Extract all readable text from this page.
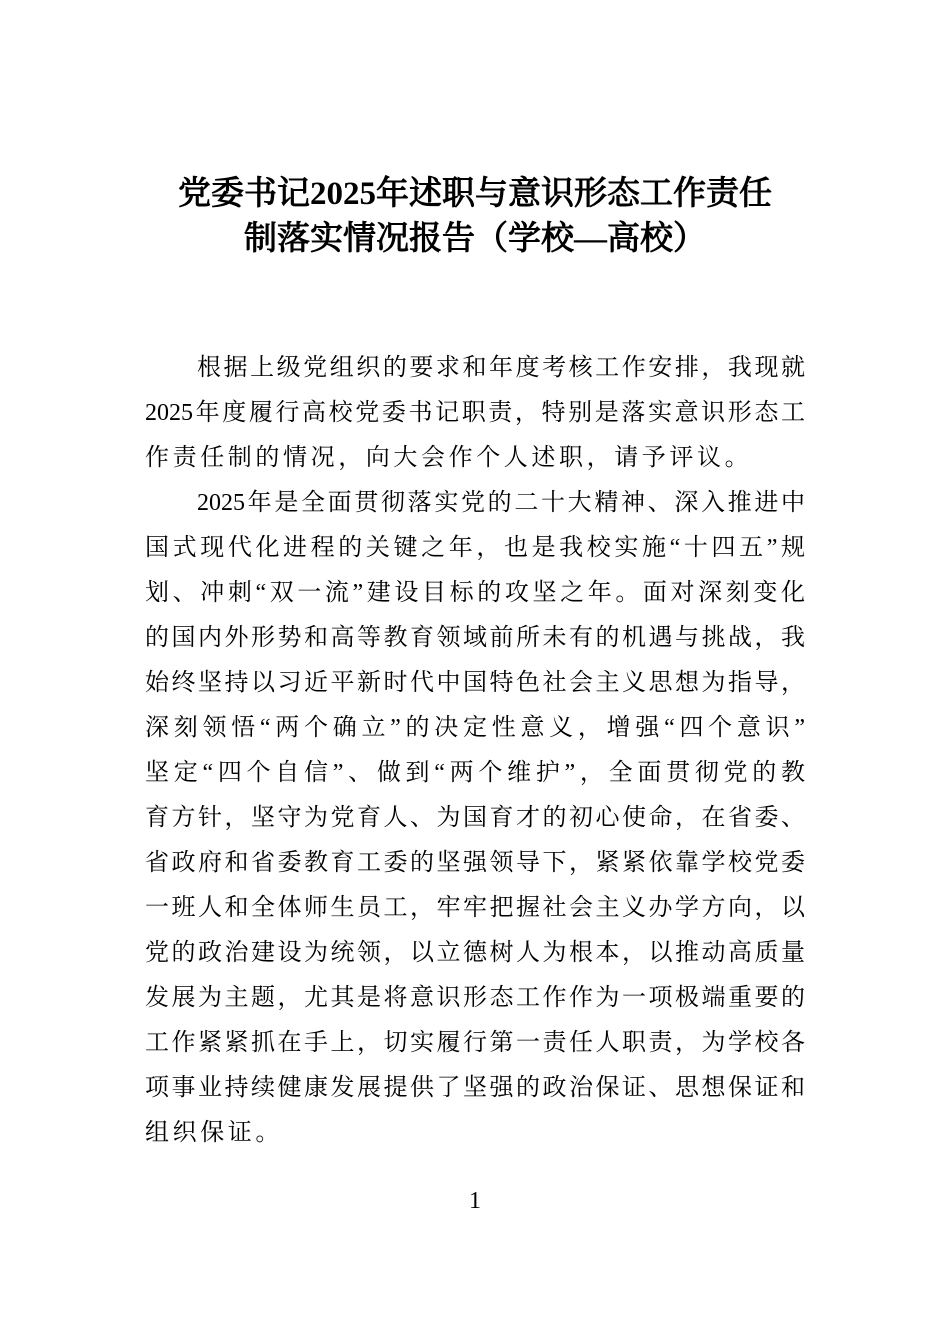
党委书记2025年述职与意识形态工作责任
制落实情况报告（学校—高校）
根据上级党组织的要求和年度考核工作安排，我现就
2025年度履行高校党委书记职责，特别是落实意识形态工
作责任制的情况，向大会作个人述职，请予评议。
2025年是全面贯彻落实党的二十大精神、深入推进中
国式现代化进程的关键之年，也是我校实施“十四五”规
划、冲刺“双一流”建设目标的攻坚之年。面对深刻变化
的国内外形势和高等教育领域前所未有的机遇与挑战，我
始终坚持以习近平新时代中国特色社会主义思想为指导，
深刻领悟“两个确立”的决定性意义，增强“四个意识”
坚定“四个自信”、做到“两个维护”，全面贯彻党的教
育方针，坚守为党育人、为国育才的初心使命，在省委、
省政府和省委教育工委的坚强领导下，紧紧依靠学校党委
一班人和全体师生员工，牢牢把握社会主义办学方向，以
党的政治建设为统领，以立德树人为根本，以推动高质量
发展为主题，尤其是将意识形态工作作为一项极端重要的
工作紧紧抓在手上，切实履行第一责任人职责，为学校各
项事业持续健康发展提供了坚强的政治保证、思想保证和
组织保证。
1
